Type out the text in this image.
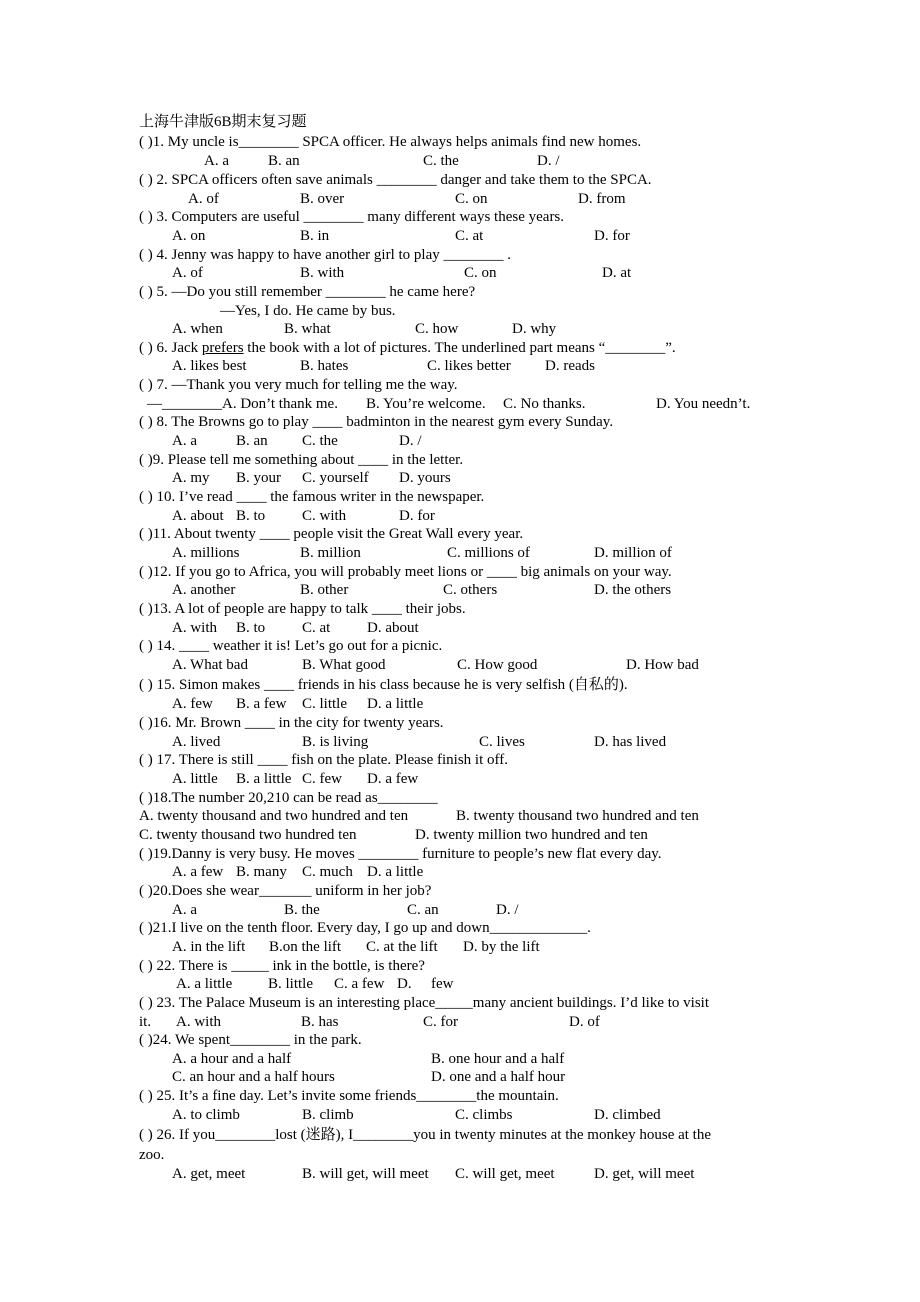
上海牛津版6B期末复习题
( )1. My uncle is________ SPCA officer. He always helps animals find new homes.
A. a	B. an	C. the	D. /
( ) 2. SPCA officers often save animals ________ danger and take them to the SPCA.
A. of	B. over	C. on	D. from
( ) 3. Computers are useful ________ many different ways these years.
A. on	B. in	C. at	D. for
( ) 4. Jenny was happy to have another girl to play ________ .
A. of	B. with	C. on	D. at
( ) 5. —Do you still remember ________ he came here?
—Yes, I do. He came by bus.
A. when	B. what	C. how	D. why
( ) 6. Jack prefers the book with a lot of pictures. The underlined part means “________”.
A. likes best	B. hates	C. likes better D. reads
( ) 7. —Thank you very much for telling me the way.
—________A. Don’t thank me. B. You’re welcome. C. No thanks.	D. You needn’t.
( ) 8. The Browns go to play ____ badminton in the nearest gym every Sunday.
A. a	B. an C. the	D. /
( )9. Please tell me something about ____ in the letter.
A. my B. your C. yourself D. yours
( ) 10. I’ve read ____ the famous writer in the newspaper.
A. about B. to C. with	D. for
( )11. About twenty ____ people visit the Great Wall every year.
A. millions	B. million	C. millions of	D. million of
( )12. If you go to Africa, you will probably meet lions or ____ big animals on your way.
A. another	B. other	C. others	D. the others
( )13. A lot of people are happy to talk ____ their jobs.
A. with B. to C. at D. about
( ) 14. ____ weather it is! Let’s go out for a picnic.
A. What bad	B. What good	C. How good	D. How bad
( ) 15. Simon makes ____ friends in his class because he is very selfish (自私的).
A. few B. a few C. little D. a little
( )16. Mr. Brown ____ in the city for twenty years.
A. lived	B. is living	C. lives	D. has lived
( ) 17. There is still ____ fish on the plate. Please finish it off.
A. little B. a little C. few D. a few
( )18.The number 20,210 can be read as________
A. twenty thousand and two hundred and ten	B. twenty thousand two hundred and ten
C. twenty thousand two hundred ten	D. twenty million two hundred and ten
( )19.Danny is very busy. He moves ________ furniture to people’s new flat every day.
A. a few B. many C. much D. a little
( )20.Does she wear_______ uniform in her job?
A. a	B. the	C. an	D. /
( )21.I live on the tenth floor. Every day, I go up and down_____________.
A. in the lift B.on the lift C. at the lift D. by the lift
( ) 22. There is _____ ink in the bottle, is there?
A. a little B. little C. a few D. few
( ) 23. The Palace Museum is an interesting place_____many ancient buildings. I’d like to visit
it. A. with	B. has	C. for	D. of
( )24. We spent________ in the park.
A. a hour and a half	B. one hour and a half
C. an hour and a half hours	D. one and a half hour
( ) 25. It’s a fine day. Let’s invite some friends________the mountain.
A. to climb	B. climb	C. climbs	D. climbed
( ) 26. If you________lost (迷路), I________you in twenty minutes at the monkey house at the
zoo.
A. get, meet	B. will get, will meet C. will get, meet	D. get, will meet
